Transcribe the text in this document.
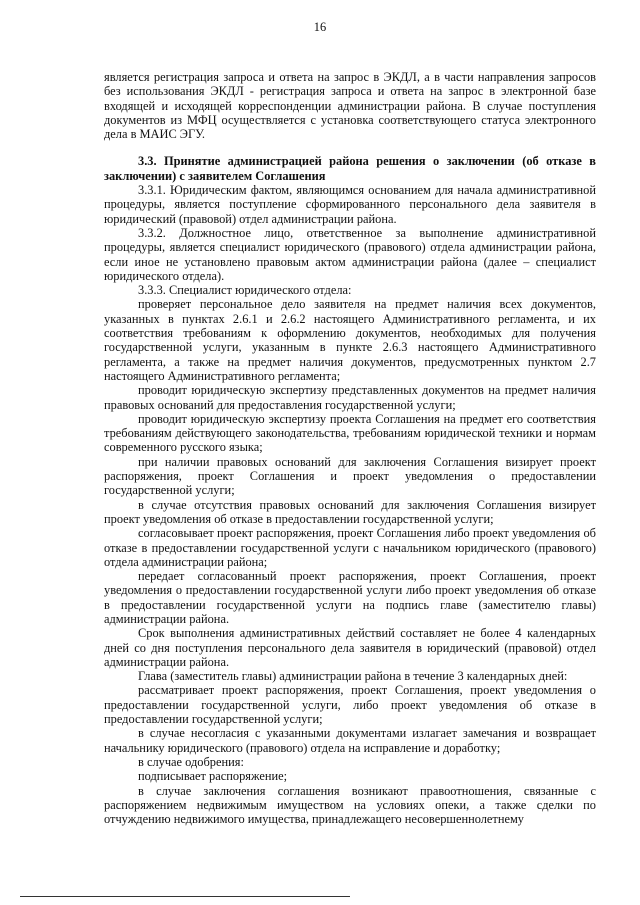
16

является регистрация запроса и ответа на запрос в ЭКДЛ, а в части направления запросов без использования ЭКДЛ - регистрация запроса и ответа на запрос в электронной базе входящей и исходящей корреспонденции администрации района. В случае поступления документов из МФЦ осуществляется с установка соответствующего статуса электронного дела в МАИС ЭГУ.

3.3. Принятие администрацией района решения о заключении (об отказе в заключении) с заявителем Соглашения

3.3.1. Юридическим фактом, являющимся основанием для начала административной процедуры, является поступление сформированного персонального дела заявителя в юридический (правовой) отдел администрации района.

3.3.2. Должностное лицо, ответственное за выполнение административной процедуры, является специалист юридического (правового) отдела администрации района, если иное не установлено правовым актом администрации района (далее – специалист юридического отдела).

3.3.3. Специалист юридического отдела:

проверяет персональное дело заявителя на предмет наличия всех документов, указанных в пунктах 2.6.1 и 2.6.2 настоящего Административного регламента, и их соответствия требованиям к оформлению документов, необходимых для получения государственной услуги, указанным в пункте 2.6.3 настоящего Административного регламента, а также на предмет наличия документов, предусмотренных пунктом 2.7 настоящего Административного регламента;

проводит юридическую экспертизу представленных документов на предмет наличия правовых оснований для предоставления государственной услуги;

проводит юридическую экспертизу проекта Соглашения на предмет его соответствия требованиям действующего законодательства, требованиям юридической техники и нормам современного русского языка;

при наличии правовых оснований для заключения Соглашения визирует проект распоряжения, проект Соглашения и проект уведомления о предоставлении государственной услуги;

в случае отсутствия правовых оснований для заключения Соглашения визирует проект уведомления об отказе в предоставлении государственной услуги;

согласовывает проект распоряжения, проект Соглашения либо проект уведомления об отказе в предоставлении государственной услуги с начальником юридического (правового) отдела администрации района;

передает согласованный проект распоряжения, проект Соглашения, проект уведомления о предоставлении государственной услуги либо проект уведомления об отказе в предоставлении государственной услуги на подпись главе (заместителю главы) администрации района.

Срок выполнения административных действий составляет не более 4 календарных дней со дня поступления персонального дела заявителя в юридический (правовой) отдел администрации района.

Глава (заместитель главы) администрации района в течение 3 календарных дней:

рассматривает проект распоряжения, проект Соглашения, проект уведомления о предоставлении государственной услуги, либо проект уведомления об отказе в предоставлении государственной услуги;

в случае несогласия с указанными документами излагает замечания и возвращает начальнику юридического (правового) отдела на исправление и доработку;

в случае одобрения:

подписывает распоряжение;

в случае заключения соглашения возникают правоотношения, связанные с распоряжением недвижимым имуществом на условиях опеки, а также сделки по отчуждению недвижимого имущества, принадлежащего несовершеннолетнему
